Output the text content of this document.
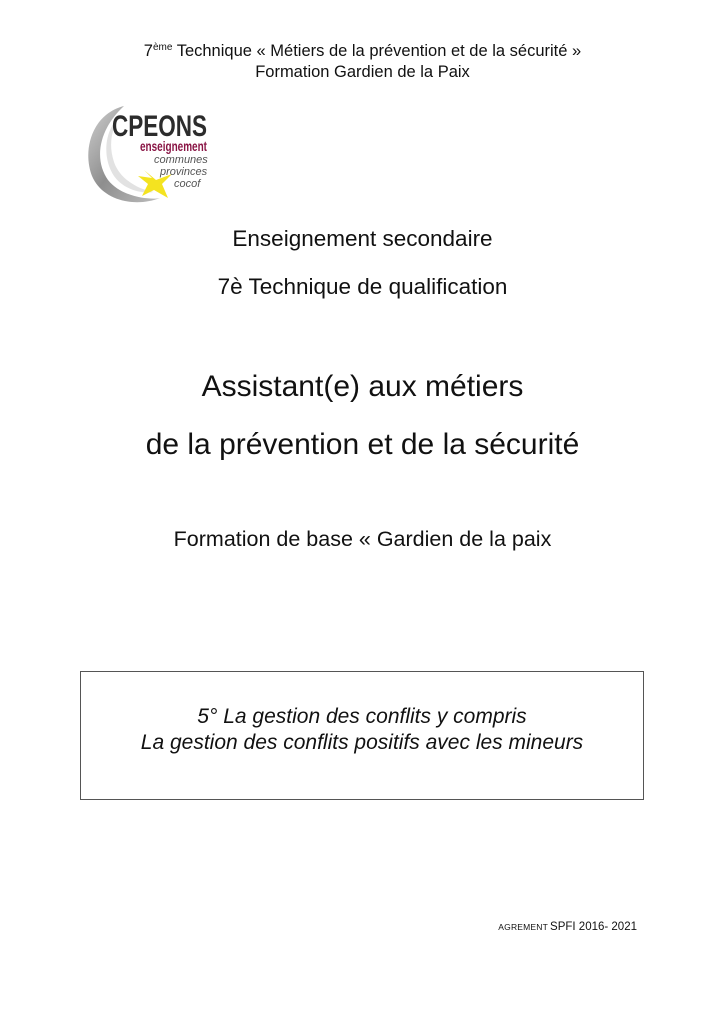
7ème Technique « Métiers de la prévention et de la sécurité »
Formation Gardien de la Paix
CPEONS
enseignement
communes
provinces
cocof
Enseignement secondaire
7è Technique de qualification
Assistant(e) aux métiers
de la prévention et de la sécurité
Formation de base « Gardien de la paix
5° La gestion des conflits y compris
La gestion des conflits positifs avec les mineurs
AGREMENT SPFI 2016- 2021
